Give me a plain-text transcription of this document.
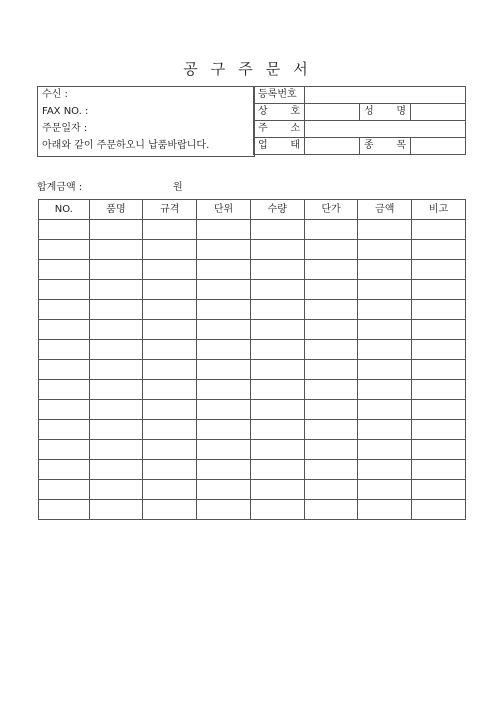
공구주문서
수신 :
FAX NO. :
주문일자 :
아래와 같이 주문하오니 납품바랍니다.
등록번호			

상 호		성 명	

주 소			

업 태		종 목	

합계금액 :	원
NO.	품명	규격	단위	수량	단가	금액	비고
